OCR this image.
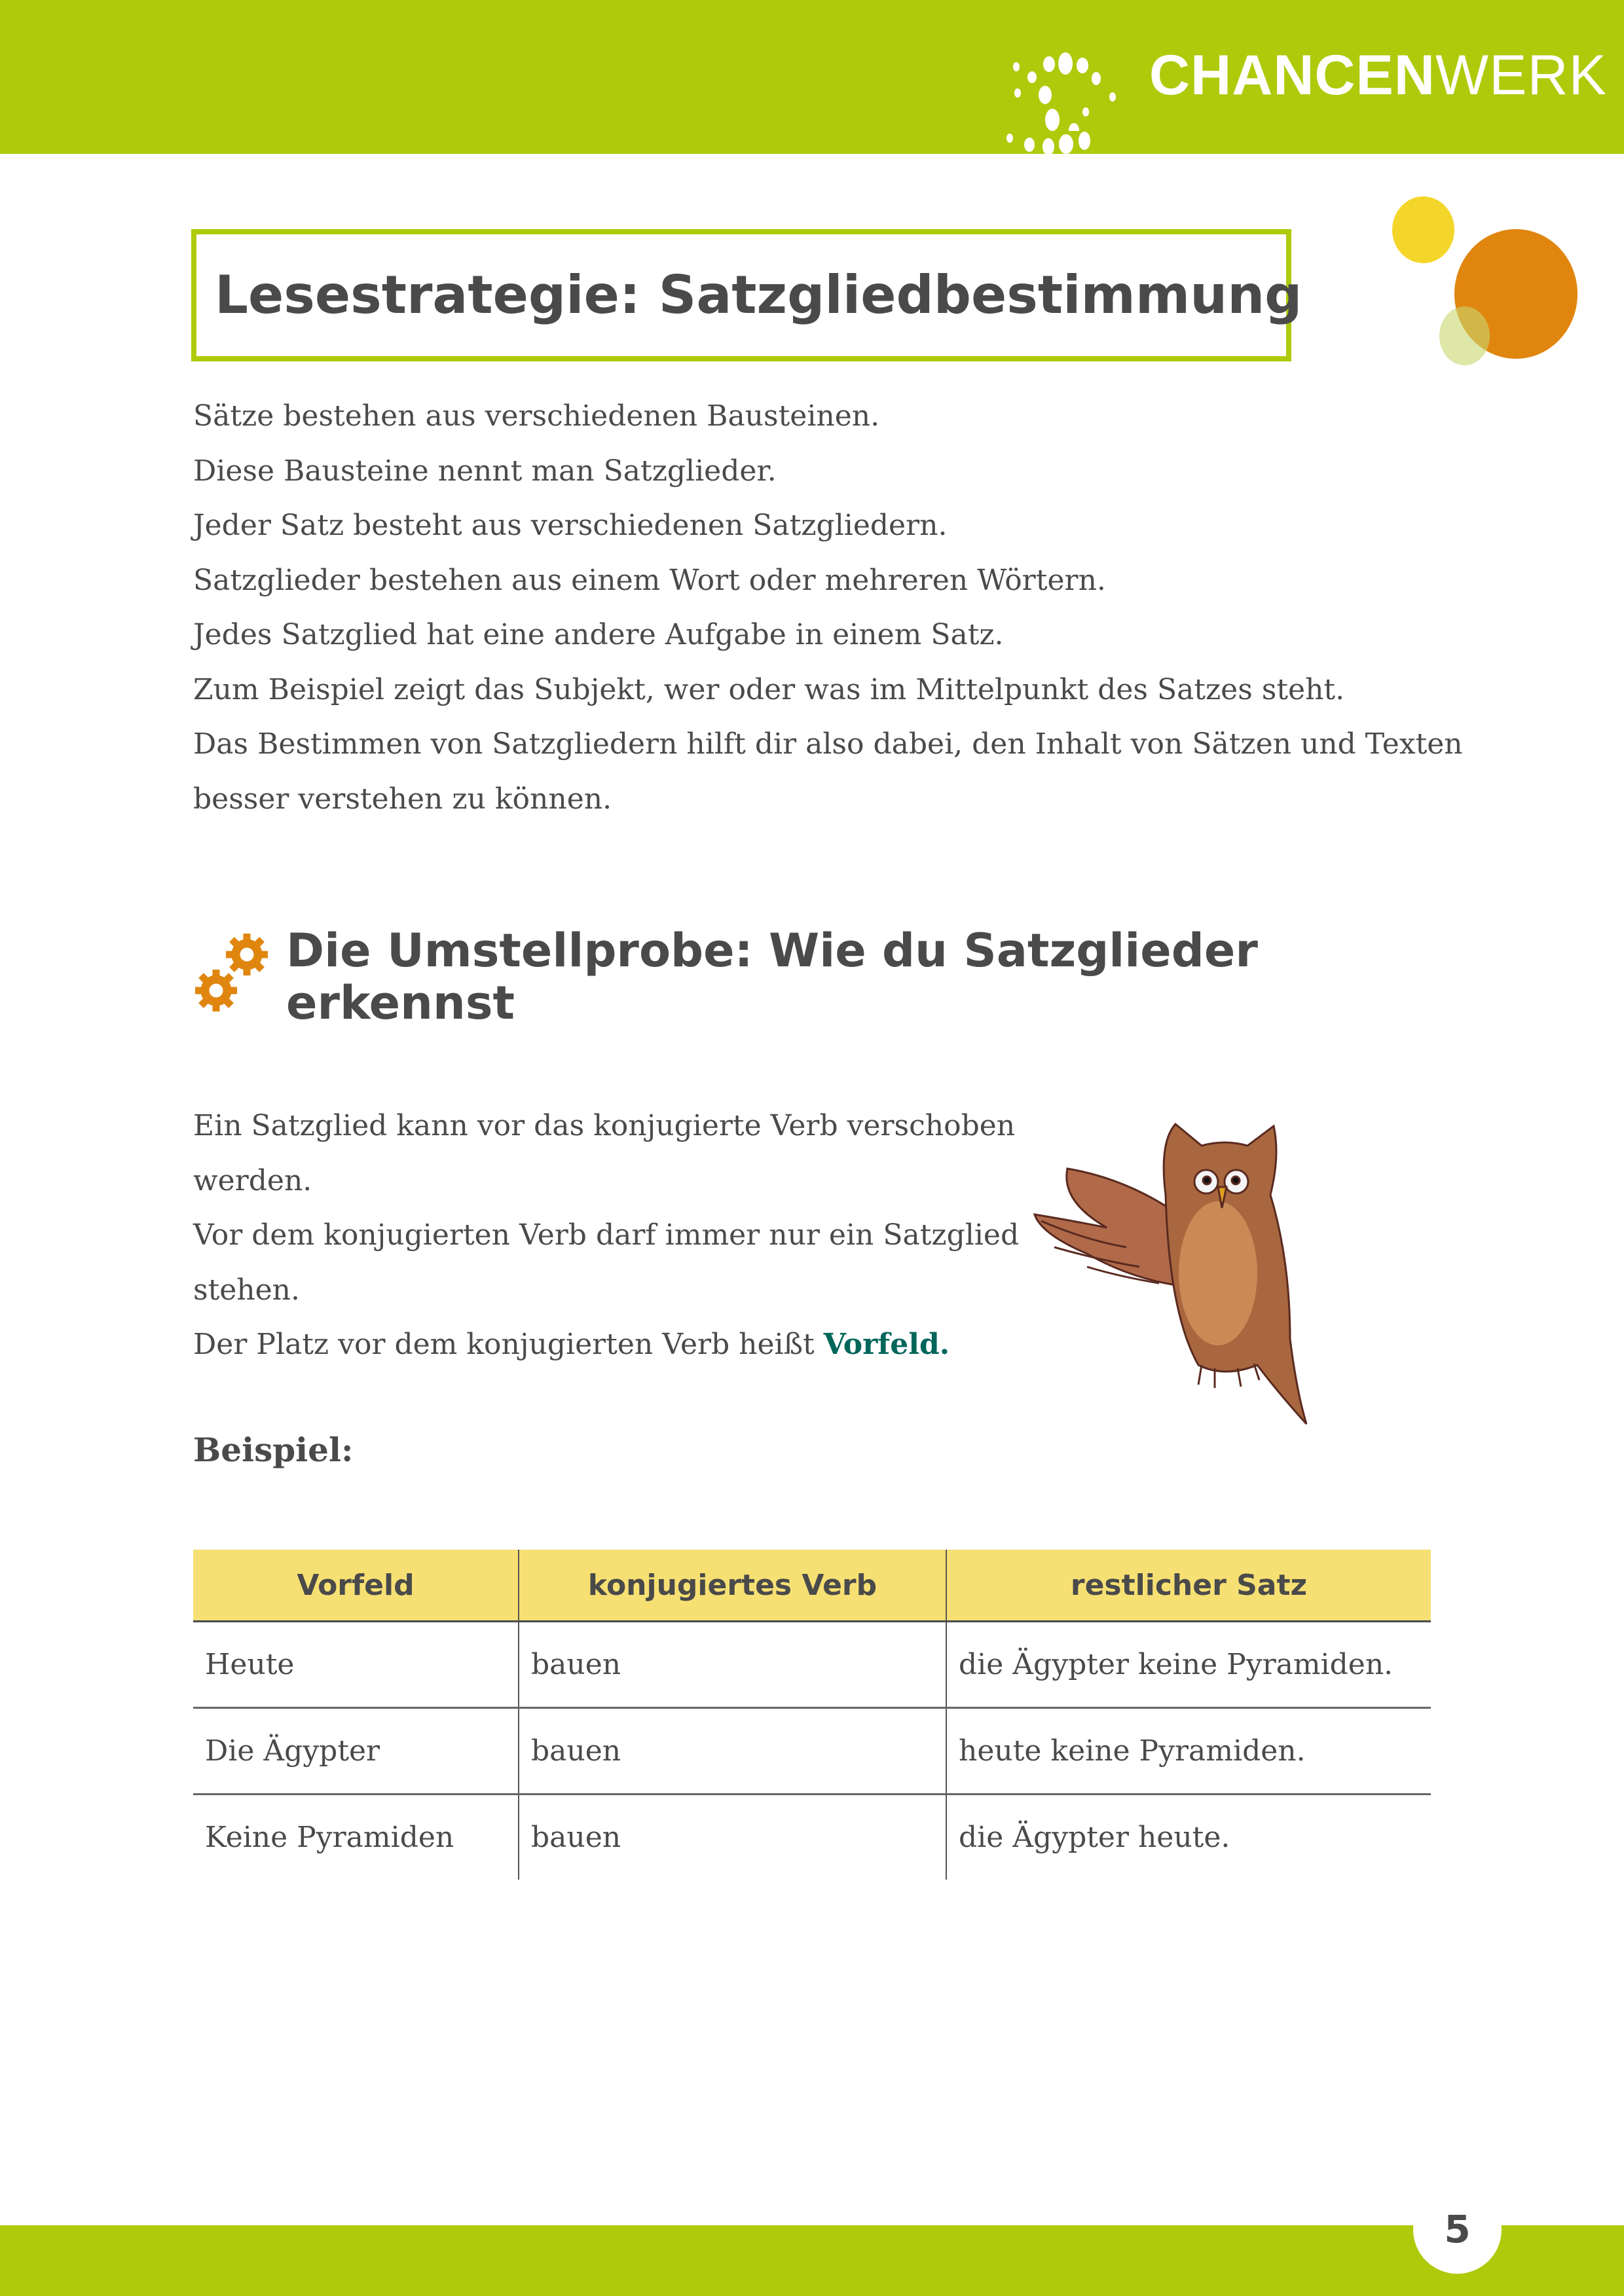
CHANCENWERK
Lesestrategie: Satzgliedbestimmung
Sätze bestehen aus verschiedenen Bausteinen.
Diese Bausteine nennt man Satzglieder.
Jeder Satz besteht aus verschiedenen Satzgliedern.
Satzglieder bestehen aus einem Wort oder mehreren Wörtern.
Jedes Satzglied hat eine andere Aufgabe in einem Satz.
Zum Beispiel zeigt das Subjekt, wer oder was im Mittelpunkt des Satzes steht.
Das Bestimmen von Satzgliedern hilft dir also dabei, den Inhalt von Sätzen und Texten
besser verstehen zu können.
Die Umstellprobe: Wie du Satzglieder
erkennst
Ein Satzglied kann vor das konjugierte Verb verschoben
werden.
Vor dem konjugierten Verb darf immer nur ein Satzglied
stehen.
Der Platz vor dem konjugierten Verb heißt Vorfeld.
Beispiel:
Vorfeld	konjugiertes Verb	restlicher Satz
Heute	bauen	die Ägypter keine Pyramiden.
Die Ägypter	bauen	heute keine Pyramiden.
Keine Pyramiden	bauen	die Ägypter heute.
5
